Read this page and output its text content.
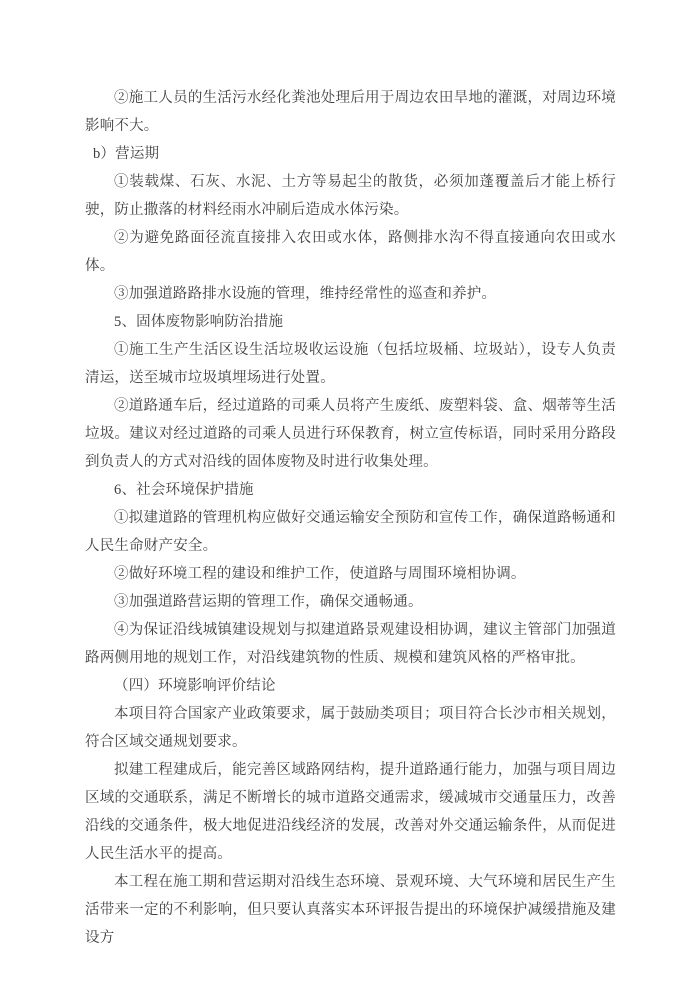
②施工人员的生活污水经化粪池处理后用于周边农田旱地的灌溉，对周边环境影响不大。

b）营运期

①装载煤、石灰、水泥、土方等易起尘的散货，必须加蓬覆盖后才能上桥行驶，防止撒落的材料经雨水冲刷后造成水体污染。

②为避免路面径流直接排入农田或水体，路侧排水沟不得直接通向农田或水体。

③加强道路路排水设施的管理，维持经常性的巡查和养护。

5、固体废物影响防治措施

①施工生产生活区设生活垃圾收运设施（包括垃圾桶、垃圾站），设专人负责清运，送至城市垃圾填埋场进行处置。

②道路通车后，经过道路的司乘人员将产生废纸、废塑料袋、盒、烟蒂等生活垃圾。建议对经过道路的司乘人员进行环保教育，树立宣传标语，同时采用分路段到负责人的方式对沿线的固体废物及时进行收集处理。

6、社会环境保护措施

①拟建道路的管理机构应做好交通运输安全预防和宣传工作，确保道路畅通和人民生命财产安全。

②做好环境工程的建设和维护工作，使道路与周围环境相协调。

③加强道路营运期的管理工作，确保交通畅通。

④为保证沿线城镇建设规划与拟建道路景观建设相协调，建议主管部门加强道路两侧用地的规划工作，对沿线建筑物的性质、规模和建筑风格的严格审批。

（四）环境影响评价结论

本项目符合国家产业政策要求，属于鼓励类项目；项目符合长沙市相关规划，符合区域交通规划要求。

拟建工程建成后，能完善区域路网结构，提升道路通行能力，加强与项目周边区域的交通联系，满足不断增长的城市道路交通需求，缓减城市交通量压力，改善沿线的交通条件，极大地促进沿线经济的发展，改善对外交通运输条件，从而促进人民生活水平的提高。

本工程在施工期和营运期对沿线生态环境、景观环境、大气环境和居民生产生活带来一定的不利影响，但只要认真落实本环评报告提出的环境保护减缓措施及建设方
